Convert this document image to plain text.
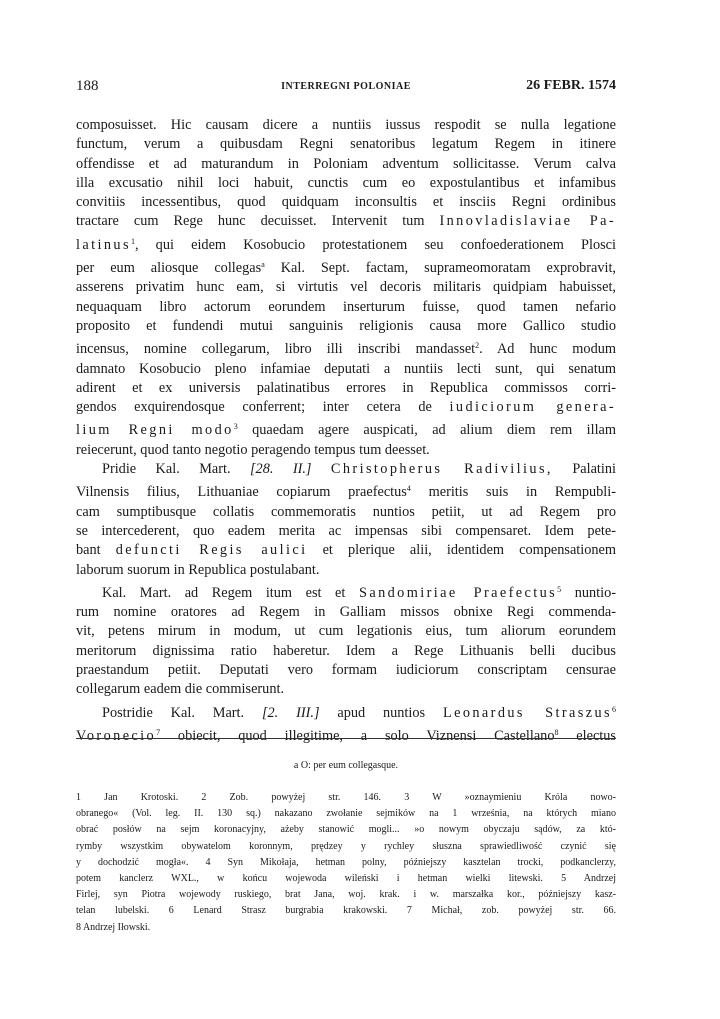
188	INTERREGNI POLONIAE	26 FEBR. 1574
composuisset. Hic causam dicere a nuntiis iussus respodit se nulla legatione
functum, verum a quibusdam Regni senatoribus legatum Regem in itinere
offendisse et ad maturandum in Poloniam adventum sollicitasse. Verum calva
illa excusatio nihil loci habuit, cunctis cum eo expostulantibus et infamibus
convitiis incessentibus, quod quidquam inconsultis et insciis Regni ordinibus
tractare cum Rege hunc decuisset. Intervenit tum Innovladislaviae Pa-
latinus$^1$, qui eidem Kosobucio protestationem seu confoederationem Plosci
per eum aliosque collegas$^a$ Kal. Sept. factam, suprameomoratam exprobravit,
asserens privatim hunc eam, si virtutis vel decoris militaris quidpiam habuisset,
nequaquam libro actorum eorundem inserturum fuisse, quod tamen nefario
proposito et fundendi mutui sanguinis religionis causa more Gallico studio
incensus, nomine collegarum, libro illi inscribi mandasset$^2$. Ad hunc modum
damnato Kosobucio pleno infamiae deputati a nuntiis lecti sunt, qui senatum
adirent et ex universis palatinatibus errores in Republica commissos corri-
gendos exquirendosque conferrent; inter cetera de iudiciorum genera-
lium Regni modo$^3$ quaedam agere auspicati, ad alium diem rem illam
reiecerunt, quod tanto negotio peragendo tempus tum deesset.
Pridie Kal. Mart. [28. II.] Christopherus Radivilius, Palatini
Vilnensis filius, Lithuaniae copiarum praefectus$^4$ meritis suis in Rempubli-
cam sumptibusque collatis commemoratis nuntios petiit, ut ad Regem pro
se intercederent, quo eadem merita ac impensas sibi compensaret. Idem pete-
bant defuncti Regis aulici et plerique alii, identidem compensationem
laborum suorum in Republica postulabant.
Kal. Mart. ad Regem itum est et Sandomiriae Praefectus$^5$ nuntio-
rum nomine oratores ad Regem in Galliam missos obnixe Regi commenda-
vit, petens mirum in modum, ut cum legationis eius, tum aliorum eorundem
meritorum dignissima ratio haberetur. Idem a Rege Lithuanis belli ducibus
praestandum petiit. Deputati vero formam iudiciorum conscriptam censurae
collegarum eadem die commiserunt.
Postridie Kal. Mart. [2. III.] apud nuntios Leonardus Straszus$^6$
Voronecio$^7$ obiecit, quod illegitime, a solo Viznensi Castellano$^8$ electus
a O: per eum collegasque.
1 Jan Krotoski. 2 Zob. powyżej str. 146. 3 W »oznaymieniu Króla nowo-
obranego« (Vol. leg. II. 130 sq.) nakazano zwołanie sejmików na 1 września, na których miano
obrać posłów na sejm koronacyjny, ażeby stanowić mogli... »o nowym obyczaju sądów, za któ-
rymby wszystkim obywatelom koronnym, prędzey y rychley słuszna sprawiedliwość czynić się
y dochodzić mogła«. 4 Syn Mikołaja, hetman polny, późniejszy kasztelan trocki, podkanclerzy,
potem kanclerz WXL., w końcu wojewoda wileński i hetman wielki litewski. 5 Andrzej
Firlej, syn Piotra wojewody ruskiego, brat Jana, woj. krak. i w. marszałka kor., późniejszy kasz-
telan lubelski. 6 Lenard Strasz burgrabia krakowski. 7 Michał, zob. powyżej str. 66.
8 Andrzej Iłowski.
